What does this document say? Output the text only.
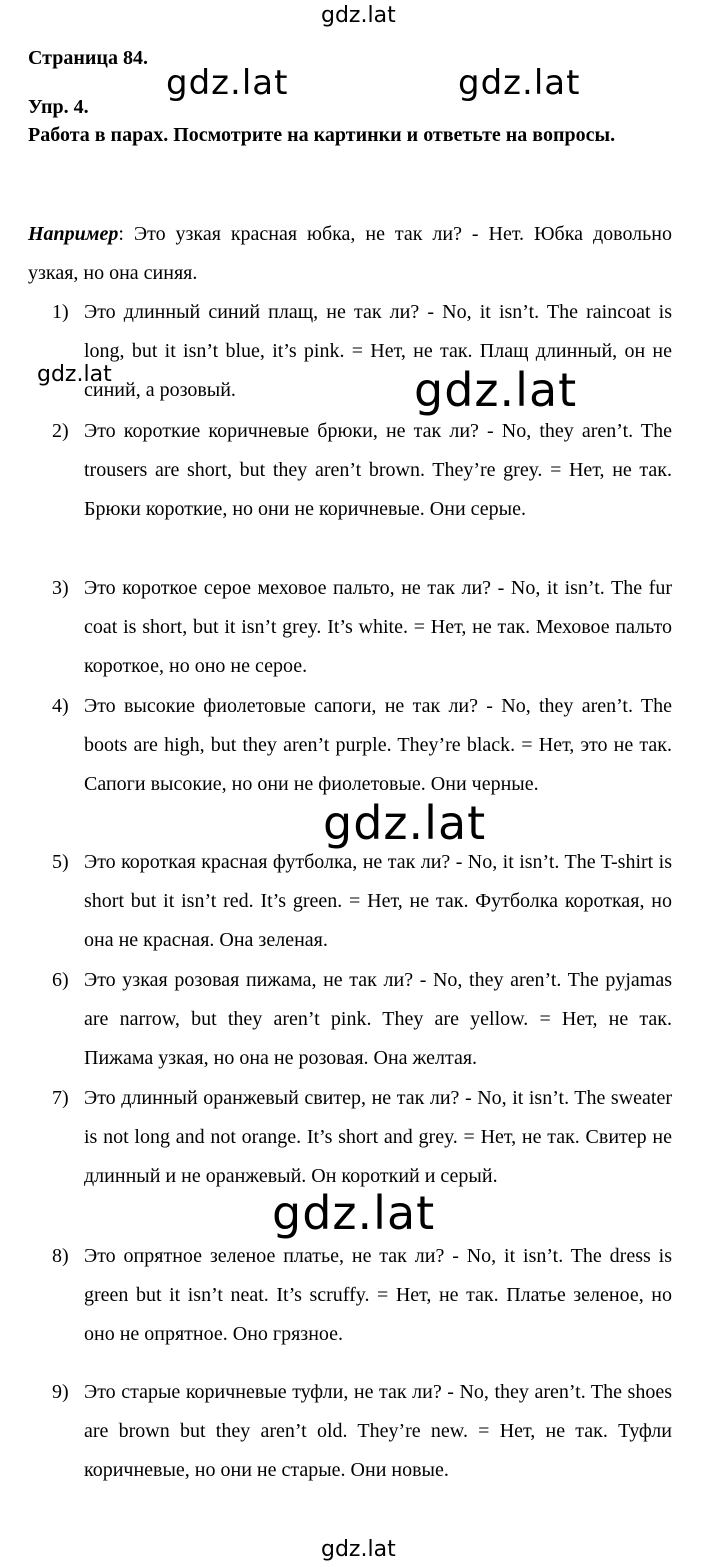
gdz.lat
gdz.lat	gdz.lat
gdz.lat	gdz.lat
gdz.lat
gdz.lat
gdz.lat
Страница 84.
Упр. 4.
Работа в парах. Посмотрите на картинки и ответьте на вопросы.
Например: Это узкая красная юбка, не так ли? - Нет. Юбка довольно узкая, но она синяя.
1) Это длинный синий плащ, не так ли? - No, it isn’t. The raincoat is long, but it isn’t blue, it’s pink. = Нет, не так. Плащ длинный, он не синий, а розовый.
2) Это короткие коричневые брюки, не так ли? - No, they aren’t. The trousers are short, but they aren’t brown. They’re grey. = Нет, не так. Брюки короткие, но они не коричневые. Они серые.
3) Это короткое серое меховое пальто, не так ли? - No, it isn’t. The fur coat is short, but it isn’t grey. It’s white. = Нет, не так. Меховое пальто короткое, но оно не серое.
4) Это высокие фиолетовые сапоги, не так ли? - No, they aren’t. The boots are high, but they aren’t purple. They’re black. = Нет, это не так. Сапоги высокие, но они не фиолетовые. Они черные.
5) Это короткая красная футболка, не так ли? - No, it isn’t. The T-shirt is short but it isn’t red. It’s green. = Нет, не так. Футболка короткая, но она не красная. Она зеленая.
6) Это узкая розовая пижама, не так ли? - No, they aren’t. The pyjamas are narrow, but they aren’t pink. They are yellow. = Нет, не так. Пижама узкая, но она не розовая. Она желтая.
7) Это длинный оранжевый свитер, не так ли? - No, it isn’t. The sweater is not long and not orange. It’s short and grey. = Нет, не так. Свитер не длинный и не оранжевый. Он короткий и серый.
8) Это опрятное зеленое платье, не так ли? - No, it isn’t. The dress is green but it isn’t neat. It’s scruffy. = Нет, не так. Платье зеленое, но оно не опрятное. Оно грязное.
9) Это старые коричневые туфли, не так ли? - No, they aren’t. The shoes are brown but they aren’t old. They’re new. = Нет, не так. Туфли коричневые, но они не старые. Они новые.
